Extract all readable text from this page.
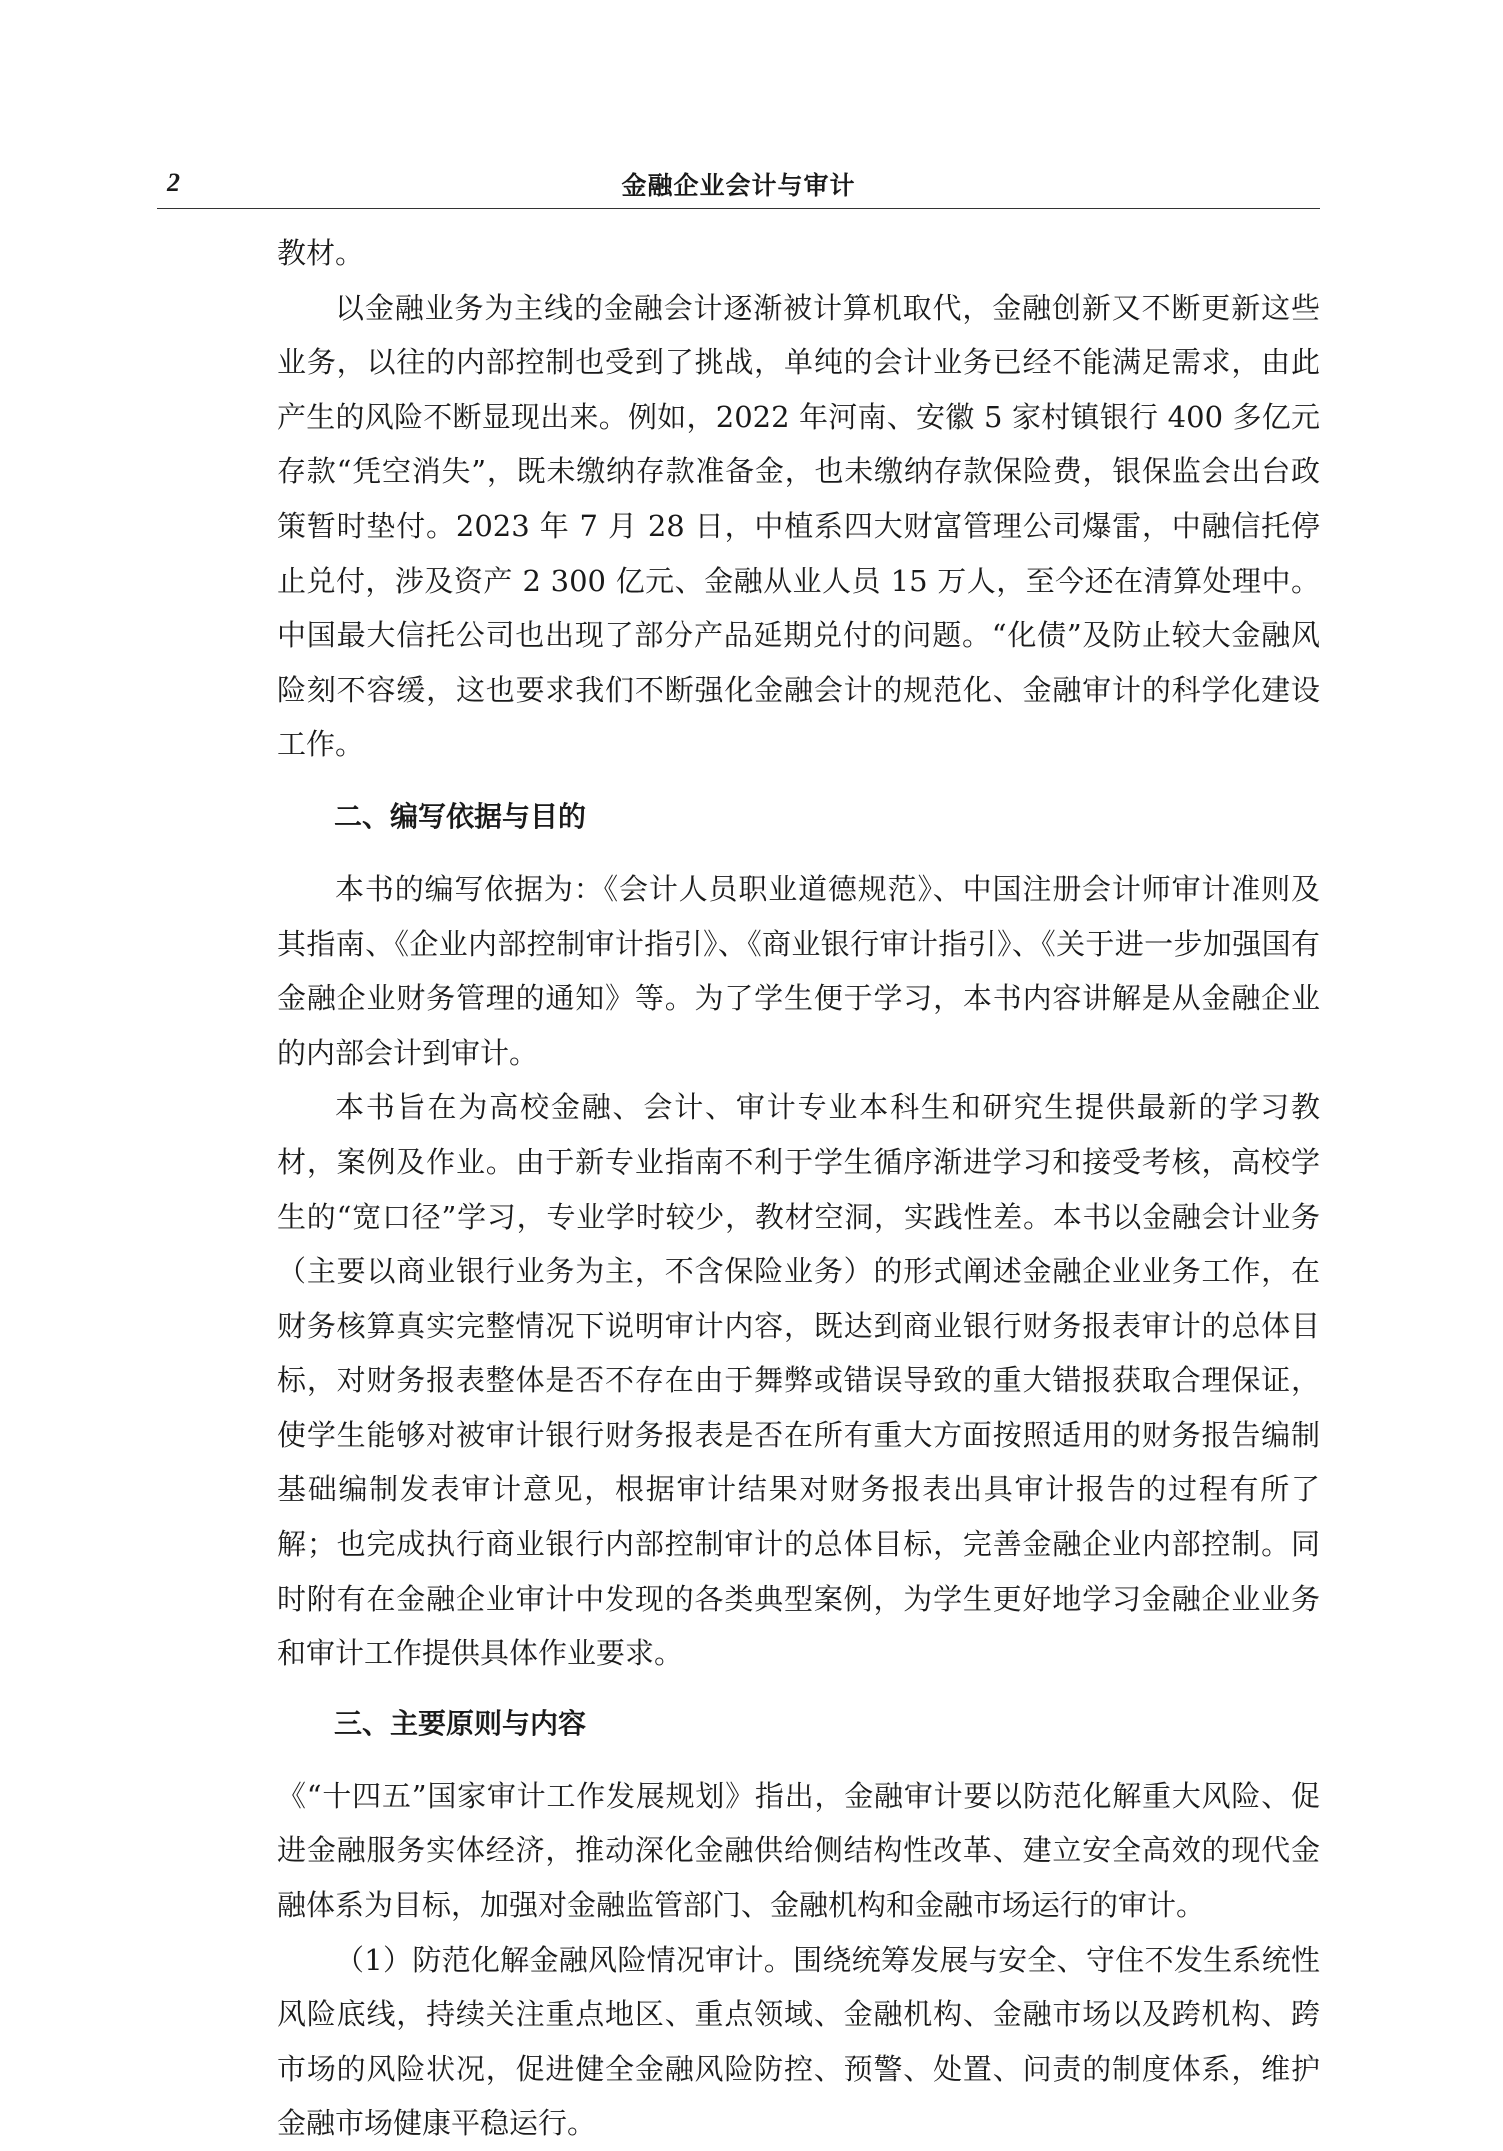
2	金融企业会计与审计

教材。

以金融业务为主线的金融会计逐渐被计算机取代，金融创新又不断更新这些业务，以往的内部控制也受到了挑战，单纯的会计业务已经不能满足需求，由此产生的风险不断显现出来。例如，2022 年河南、安徽 5 家村镇银行 400 多亿元存款“凭空消失”，既未缴纳存款准备金，也未缴纳存款保险费，银保监会出台政策暂时垫付。2023 年 7 月 28 日，中植系四大财富管理公司爆雷，中融信托停止兑付，涉及资产 2 300 亿元、金融从业人员 15 万人，至今还在清算处理中。中国最大信托公司也出现了部分产品延期兑付的问题。“化债”及防止较大金融风险刻不容缓，这也要求我们不断强化金融会计的规范化、金融审计的科学化建设工作。

二、编写依据与目的

本书的编写依据为：《会计人员职业道德规范》、中国注册会计师审计准则及其指南、《企业内部控制审计指引》、《商业银行审计指引》、《关于进一步加强国有金融企业财务管理的通知》等。为了学生便于学习，本书内容讲解是从金融企业的内部会计到审计。

本书旨在为高校金融、会计、审计专业本科生和研究生提供最新的学习教材，案例及作业。由于新专业指南不利于学生循序渐进学习和接受考核，高校学生的“宽口径”学习，专业学时较少，教材空洞，实践性差。本书以金融会计业务（主要以商业银行业务为主，不含保险业务）的形式阐述金融企业业务工作，在财务核算真实完整情况下说明审计内容，既达到商业银行财务报表审计的总体目标，对财务报表整体是否不存在由于舞弊或错误导致的重大错报获取合理保证，使学生能够对被审计银行财务报表是否在所有重大方面按照适用的财务报告编制基础编制发表审计意见，根据审计结果对财务报表出具审计报告的过程有所了解；也完成执行商业银行内部控制审计的总体目标，完善金融企业内部控制。同时附有在金融企业审计中发现的各类典型案例，为学生更好地学习金融企业业务和审计工作提供具体作业要求。

三、主要原则与内容

《“十四五”国家审计工作发展规划》指出，金融审计要以防范化解重大风险、促进金融服务实体经济，推动深化金融供给侧结构性改革、建立安全高效的现代金融体系为目标，加强对金融监管部门、金融机构和金融市场运行的审计。

（1）防范化解金融风险情况审计。围绕统筹发展与安全、守住不发生系统性风险底线，持续关注重点地区、重点领域、金融机构、金融市场以及跨机构、跨市场的风险状况，促进健全金融风险防控、预警、处置、问责的制度体系，维护金融市场健康平稳运行。
